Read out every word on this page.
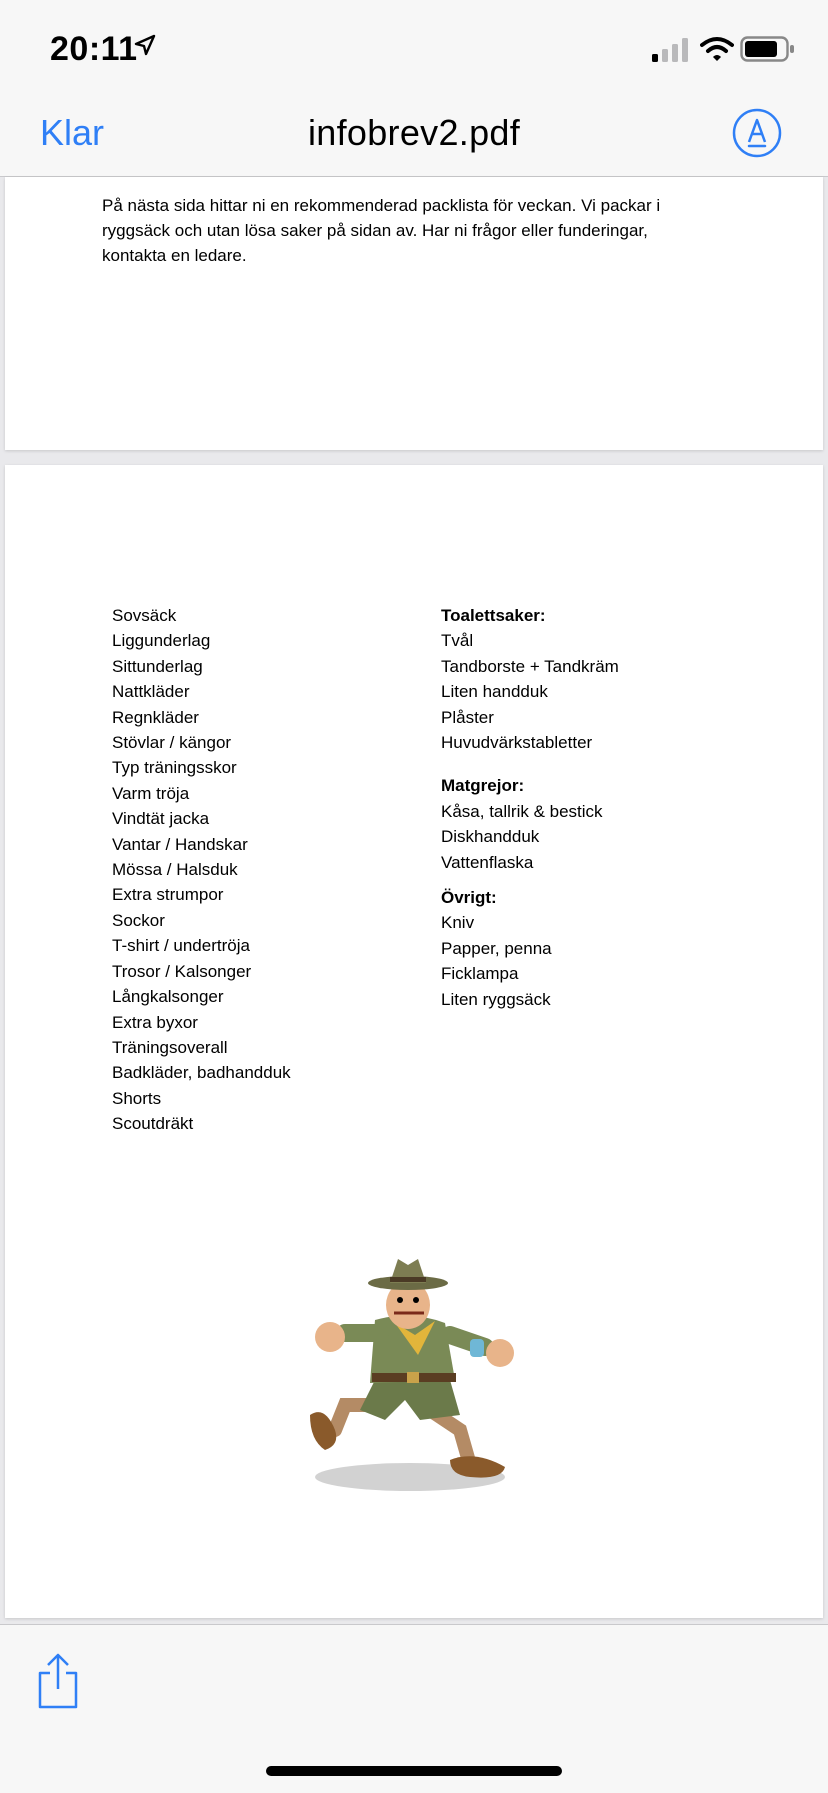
20:11
Klar	infobrev2.pdf
På nästa sida hittar ni en rekommenderad packlista för veckan. Vi packar i
ryggsäck och utan lösa saker på sidan av. Har ni frågor eller funderingar,
kontakta en ledare.
Sovsäck
Liggunderlag
Sittunderlag
Nattkläder
Regnkläder
Stövlar / kängor
Typ träningsskor
Varm tröja
Vindtät jacka
Vantar / Handskar
Mössa / Halsduk
Extra strumpor
Sockor
T-shirt / undertröja
Trosor / Kalsonger
Långkalsonger
Extra byxor
Träningsoverall
Badkläder, badhandduk
Shorts
Scoutdräkt
Toalettsaker:
Tvål
Tandborste + Tandkräm
Liten handduk
Plåster
Huvudvärkstabletter
Matgrejor:
Kåsa, tallrik & bestick
Diskhandduk
Vattenflaska
Övrigt:
Kniv
Papper, penna
Ficklampa
Liten ryggsäck
